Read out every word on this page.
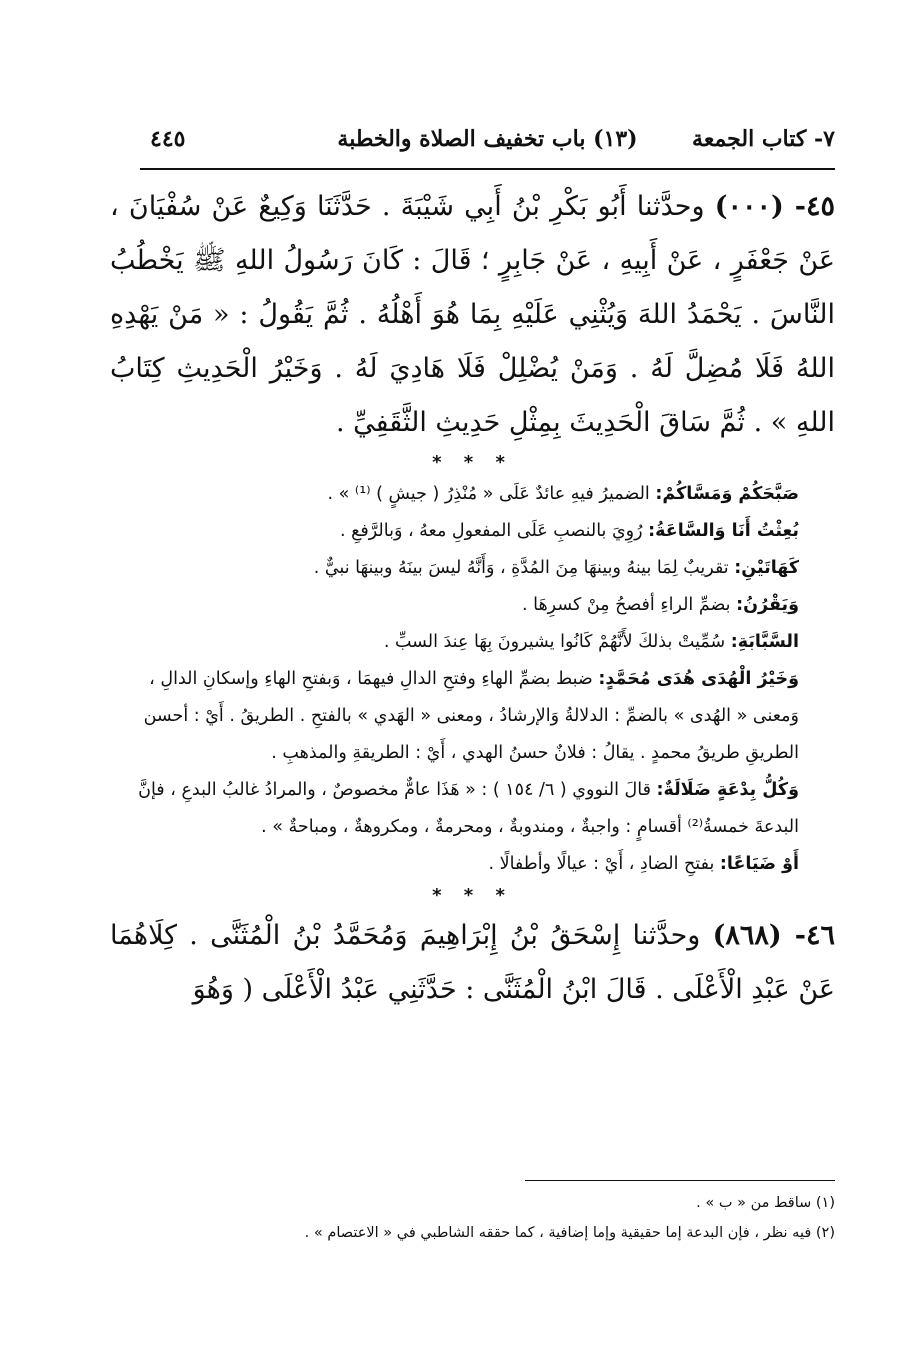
٧- كتاب الجمعة
(١٣) باب تخفيف الصلاة والخطبة
٤٤٥

٤٥- (٠٠٠) وحدَّثنا أَبُو بَكْرِ بْنُ أَبِي شَيْبَةَ . حَدَّثَنَا وَكِيعٌ عَنْ سُفْيَانَ ، عَنْ جَعْفَرٍ ، عَنْ أَبِيهِ ، عَنْ جَابِرٍ ؛ قَالَ : كَانَ رَسُولُ اللهِ ﷺ يَخْطُبُ النَّاسَ . يَحْمَدُ اللهَ وَيُثْنِي عَلَيْهِ بِمَا هُوَ أَهْلُهُ . ثُمَّ يَقُولُ : « مَنْ يَهْدِهِ اللهُ فَلَا مُضِلَّ لَهُ . وَمَنْ يُضْلِلْ فَلَا هَادِيَ لَهُ . وَخَيْرُ الْحَدِيثِ كِتَابُ اللهِ » . ثُمَّ سَاقَ الْحَدِيثَ بِمِثْلِ حَدِيثِ الثَّقَفِيِّ .

* * *

صَبَّحَكُمْ وَمَسَّاكُمْ: الضميرُ فيهِ عائدٌ عَلَى « مُنْذِرُ ( جيشٍ ) ⁽¹⁾ » .

بُعِثْتُ أَنَا وَالسَّاعَةُ: رُوِيَ بالنصبِ عَلَى المفعولِ معهُ ، وَبالرَّفعِ .

كَهَاتَيْنِ: تقريبٌ لِمَا بينهُ وبينهَا مِنَ المُدَّةِ ، وَأَنَّهُ ليسَ بينَهُ وبينهَا نبيٌّ .

وَيَقْرُنُ: بضمِّ الراءِ أفصحُ مِنْ كسرِهَا .

السَّبَّابَةِ: سُمِّيتْ بذلكَ لأَنَّهُمْ كَانُوا يشيرونَ بِهَا عِندَ السبِّ .

وَخَيْرُ الْهُدَى هُدَى مُحَمَّدٍ: ضبط بضمِّ الهاءِ وفتحِ الدالِ فيهمَا ، وَبفتحِ الهاءِ وإسكانِ الدالِ ، وَمعنى « الهُدى » بالضمِّ : الدلالةُ وَالإرشادُ ، ومعنى « الهَدي » بالفتحِ . الطريقُ . أَيْ : أحسن الطريقِ طريقُ محمدٍ . يقالُ : فلانٌ حسنُ الهدي ، أَيْ : الطريقةِ والمذهبِ .

وَكُلُّ بِدْعَةٍ ضَلَالَةٌ: قالَ النووي ( ٦/ ١٥٤ ) : « هَذَا عامٌّ مخصوصٌ ، والمرادُ غالبُ البدعِ ، فإنَّ البدعةَ خمسةُ⁽²⁾ أقسامٍ : واجبةٌ ، ومندوبةٌ ، ومحرمةٌ ، ومكروهةٌ ، ومباحةٌ » .

أَوْ ضَيَاعًا: بفتحِ الضادِ ، أَيْ : عيالًا وأطفالًا .

* * *

٤٦- (٨٦٨) وحدَّثنا إِسْحَقُ بْنُ إِبْرَاهِيمَ وَمُحَمَّدُ بْنُ الْمُثَنَّى . كِلَاهُمَا عَنْ عَبْدِ الْأَعْلَى . قَالَ ابْنُ الْمُثَنَّى : حَدَّثَنِي عَبْدُ الْأَعْلَى ( وَهُوَ

(١) ساقط من « ب » .

(٢) فيه نظر ، فإن البدعة إما حقيقية وإما إضافية ، كما حققه الشاطبي في « الاعتصام » .
